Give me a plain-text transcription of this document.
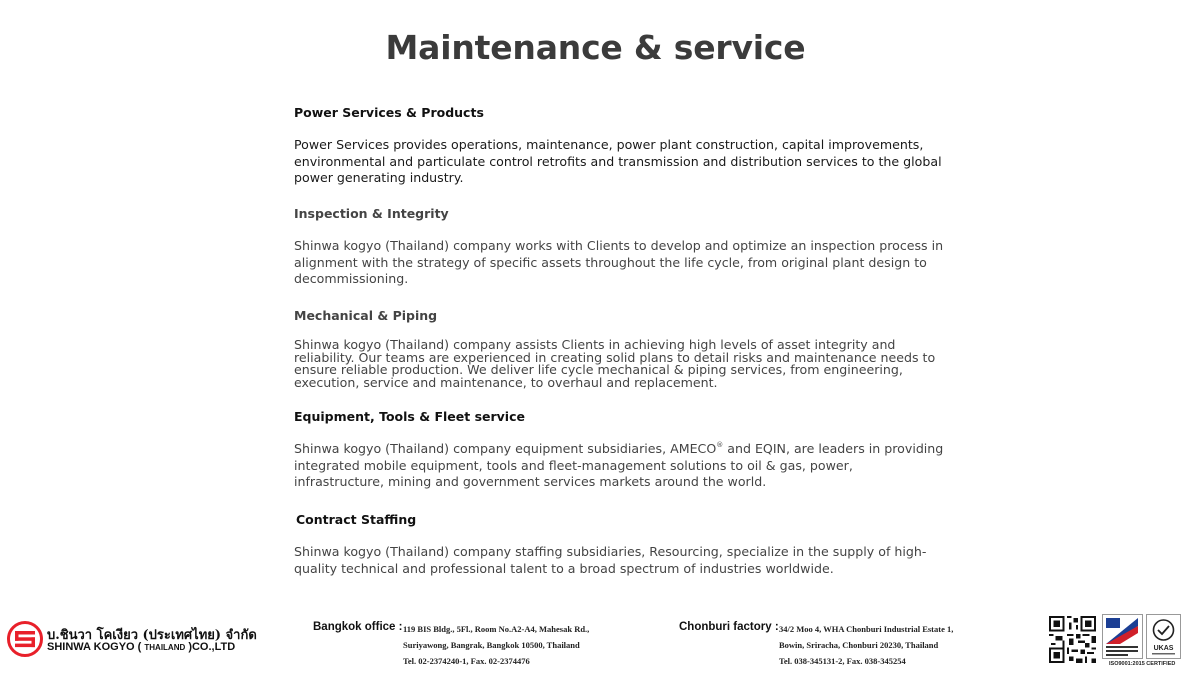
Maintenance & service
Power Services & Products
Power Services provides operations, maintenance, power plant construction, capital improvements, environmental and particulate control retrofits and transmission and distribution services to the global power generating industry.
Inspection & Integrity
Shinwa kogyo (Thailand) company works with Clients to develop and optimize an inspection process in alignment with the strategy of specific assets throughout the life cycle, from original plant design to decommissioning.
Mechanical & Piping
Shinwa kogyo (Thailand) company assists Clients in achieving high levels of asset integrity and reliability. Our teams are experienced in creating solid plans to detail risks and maintenance needs to ensure reliable production. We deliver life cycle mechanical & piping services, from engineering, execution, service and maintenance, to overhaul and replacement.
Equipment, Tools & Fleet service
Shinwa kogyo (Thailand) company equipment subsidiaries, AMECO® and EQIN, are leaders in providing integrated mobile equipment, tools and fleet-management solutions to oil & gas, power, infrastructure, mining and government services markets around the world.
Contract Staffing
Shinwa kogyo (Thailand) company staffing subsidiaries, Resourcing, specialize in the supply of high-quality technical and professional talent to a broad spectrum of industries worldwide.
บ.ชินวา โคเงียว (ประเทศไทย) จำกัด
SHINWA KOGYO ( THAILAND )CO.,LTD
Bangkok office : 119 BIS Bldg., 5Fl., Room No.A2-A4, Mahesak Rd.,
Suriyawong, Bangrak, Bangkok 10500, Thailand
Tel. 02-2374240-1, Fax. 02-2374476
Chonburi factory : 34/2 Moo 4, WHA Chonburi Industrial Estate 1,
Bowin, Sriracha, Chonburi 20230, Thailand
Tel. 038-345131-2, Fax. 038-345254
UKAS
ISO9001:2015 CERTIFIED
